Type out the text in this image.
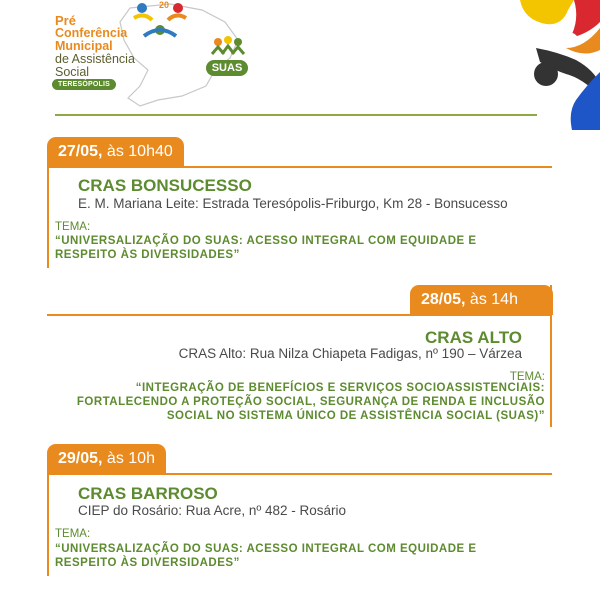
20
Pré
Conferência
Municipal
de Assistência
Social
TERESÓPOLIS
SUAS
27/05, às 10h40
CRAS BONSUCESSO
E. M. Mariana Leite: Estrada Teresópolis-Friburgo, Km 28 - Bonsucesso
TEMA:
“UNIVERSALIZAÇÃO DO SUAS: ACESSO INTEGRAL COM EQUIDADE E
RESPEITO ÀS DIVERSIDADES”
28/05, às 14h
CRAS ALTO
CRAS Alto: Rua Nilza Chiapeta Fadigas, nº 190 – Várzea
TEMA:
“INTEGRAÇÃO DE BENEFÍCIOS E SERVIÇOS SOCIOASSISTENCIAIS:
FORTALECENDO A PROTEÇÃO SOCIAL, SEGURANÇA DE RENDA E INCLUSÃO
SOCIAL NO SISTEMA ÚNICO DE ASSISTÊNCIA SOCIAL (SUAS)”
29/05, às 10h
CRAS BARROSO
CIEP do Rosário: Rua Acre, nº 482 - Rosário
TEMA:
“UNIVERSALIZAÇÃO DO SUAS: ACESSO INTEGRAL COM EQUIDADE E
RESPEITO ÀS DIVERSIDADES”
